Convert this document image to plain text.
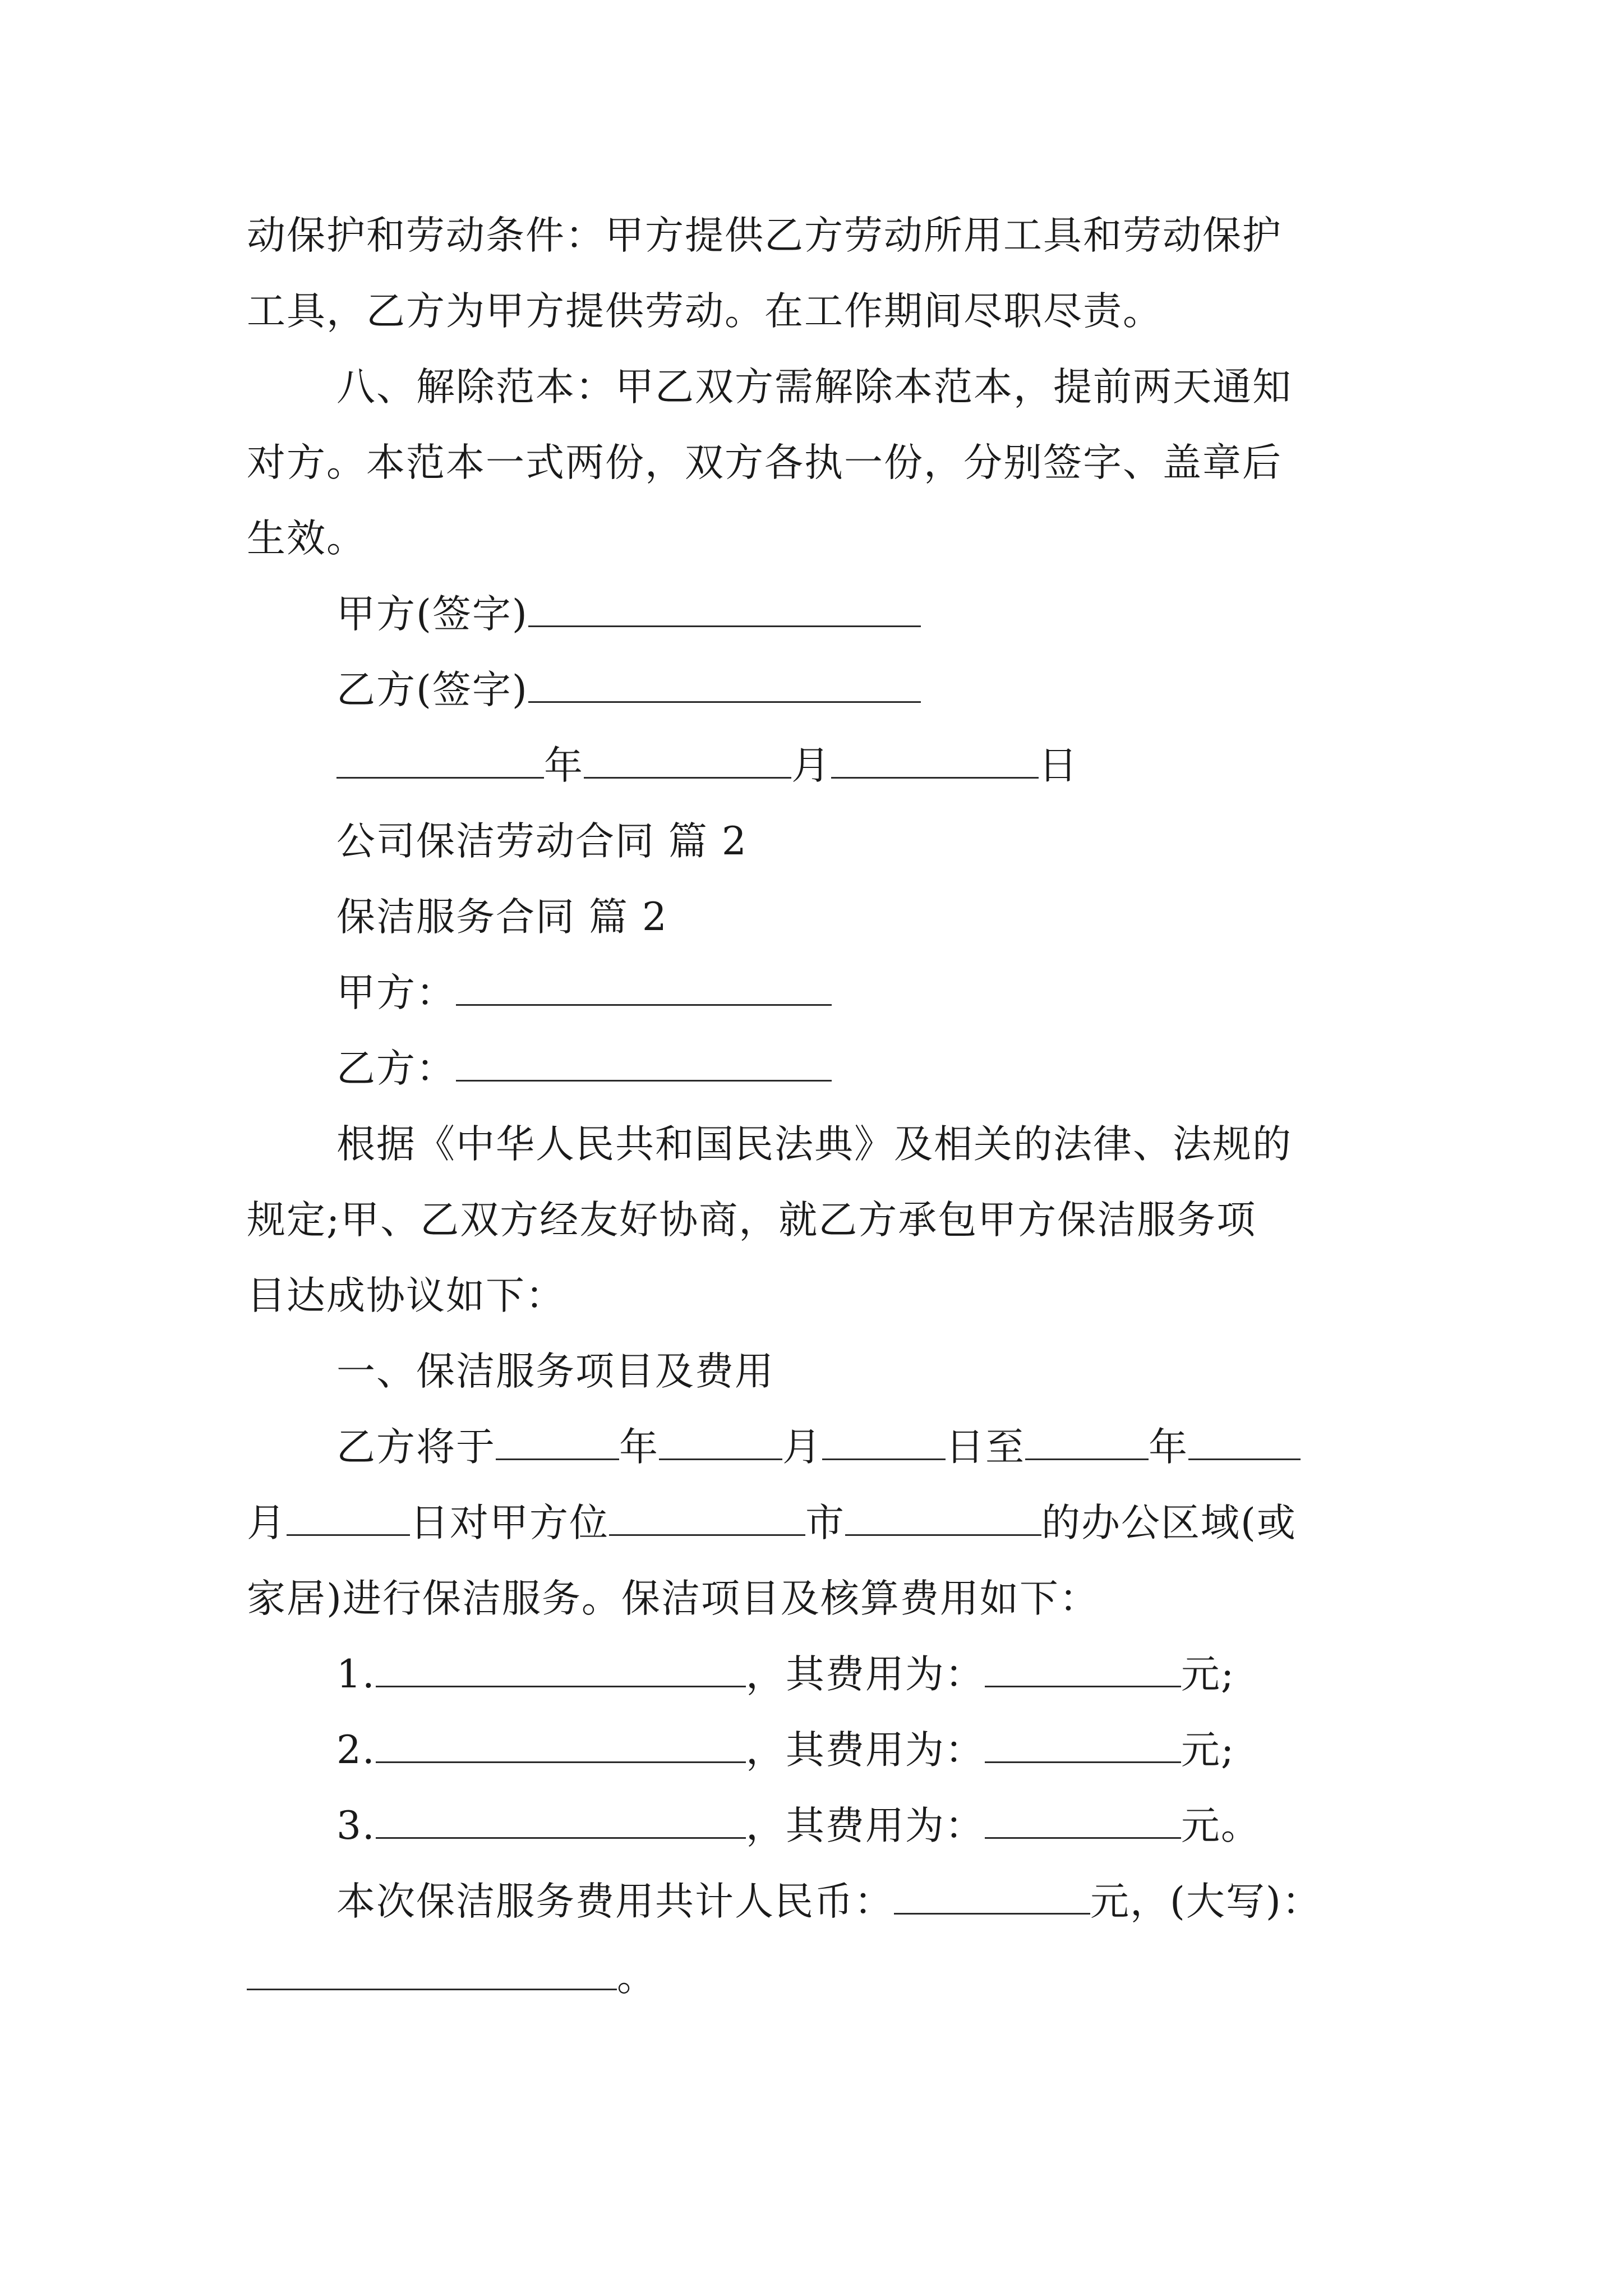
动保护和劳动条件：甲方提供乙方劳动所用工具和劳动保护
工具，乙方为甲方提供劳动。在工作期间尽职尽责。
八、解除范本：甲乙双方需解除本范本，提前两天通知
对方。本范本一式两份，双方各执一份，分别签字、盖章后
生效。
甲方(签字)
乙方(签字)
年	月	日
公司保洁劳动合同 篇 2
保洁服务合同 篇 2
甲方：
乙方：
根据《中华人民共和国民法典》及相关的法律、法规的
规定;甲、乙双方经友好协商，就乙方承包甲方保洁服务项
目达成协议如下：
一、保洁服务项目及费用
乙方将于	年	月	日至	年
月	日对甲方位	市	的办公区域(或
家居)进行保洁服务。保洁项目及核算费用如下：
1.	，其费用为：	元;
2.	，其费用为：	元;
3.	，其费用为：	元。
本次保洁服务费用共计人民币：	元，(大写)：
。
